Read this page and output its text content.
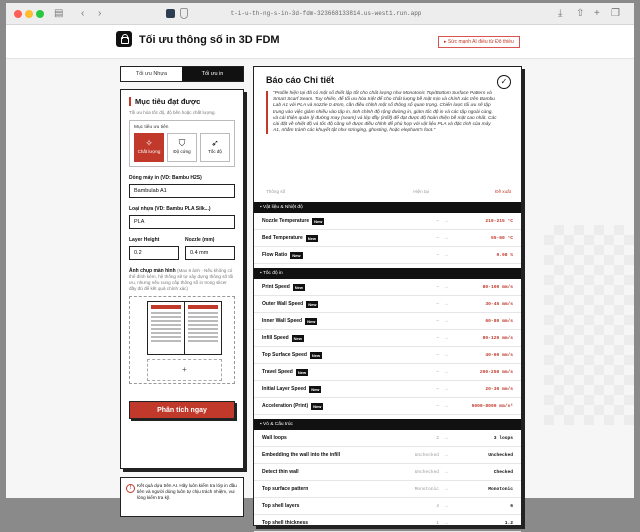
▤ ‹ ›	t-i-u-th-ng-s-in-3d-fdm-323668133814.us-west1.run.app	⤓ ⇧ + ❐
Tối ưu thông số in 3D FDM	▸ Sức mạnh AI điều từ Đô thiều
Tối ưu Nhựa	Tối ưu in
Mục tiêu đạt được
Tối ưu hóa tốc độ, độ bền hoặc chất lượng.
Mục tiêu ưu tiên
✧
Chất lượng
⛉
Độ cứng
➶
Tốc độ
Dòng máy in (VD: Bambu H2S)
Bambulab A1
Loại nhựa (VD: Bambu PLA Silk...)
PLA
Layer Height
0.2
Nozzle (mm)
0.4 mm
Ảnh chụp màn hình (Max 6 ảnh - Nếu không có thể đính kèm, hệ thống sẽ tự xây dựng thông số tối ưu, nhưng nếu cung cấp thông số in trong slicer đầy đủ để kết quả chính xác)
+
Phân tích ngay
! Kết quả dựa trên AI. Hãy luôn kiểm tra lớp in đầu tiên và người dùng luôn tự chịu trách nhiệm, vui lòng kiểm tra kỹ.
Báo cáo Chi tiết	✓
"Profile hiện tại đã có một số thiết lập tốt cho chất lượng như Monotonic Top/Bottom Surface Pattern và Smart Scarf Seam. Tuy nhiên, để tối ưu hóa triệt để cho chất lượng bề mặt mịn và chính xác trên Bambu Lab A1 với PLA và nozzle 0.4mm, cần điều chỉnh một số thông số quan trọng. Chiến lược tối ưu sẽ tập trung vào việc giảm nhiều vào tập in, tinh chỉnh độ rộng đường in, giảm tốc độ in và các tập ngoài cùng, và cải thiện quản lý đường may (seam) và lớp đầy (infill) để đạt được độ hoàn thiện bề mặt cao nhất. Các cài đặt về nhiệt độ và tốc độ cũng sẽ được điều chỉnh để phù hợp với vật liệu PLA và đặc tính của máy A1, nhằm tránh các khuyết tật như stringing, ghosting, hoặc elephant's foot."
Thông số	Hiện tại	Đề xuất
▪ Vật liệu & Nhiệt độ
Nozzle Temperature	New	— →	210-215 °C
Bed Temperature	New	— →	55-60 °C
Flow Ratio	New	— →	0.98 %
▪ Tốc độ in
Print Speed	New	— →	80-100 mm/s
Outer Wall Speed	New	— →	30-45 mm/s
Inner Wall Speed	New	— →	60-80 mm/s
Infill Speed	New	— →	80-120 mm/s
Top Surface Speed	New	— →	40-60 mm/s
Travel Speed	New	— →	200-250 mm/s
Initial Layer Speed	New	— →	20-30 mm/s
Acceleration (Print)	New	— →	5000-8000 mm/s²
▪ Vỏ & Cấu trúc
Wall loops	2 →	3 loops
Embedding the wall into the infill	Unchecked →	Unchecked
Detect thin wall	Unchecked →	Checked
Top surface pattern	Monotonic →	Monotonic
Top shell layers	4 →	6
Top shell thickness	1 →	1.2
